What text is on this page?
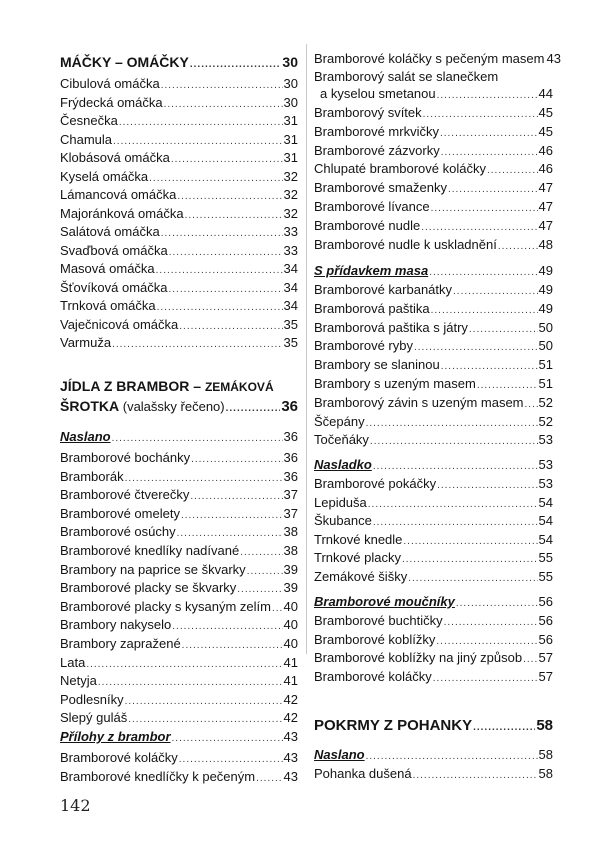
MÁČKY – OMÁČKY .....	30
Cibulová omáčka .....	30
Frýdecká omáčka .....	30
Česnečka .....	31
Chamula .....	31
Klobásová omáčka .....	31
Kyselá omáčka .....	32
Lámancová omáčka .....	32
Majoránková omáčka .....	32
Salátová omáčka .....	33
Svaďbová omáčka .....	33
Masová omáčka .....	34
Šťovíková omáčka .....	34
Trnková omáčka .....	34
Vaječnicová omáčka .....	35
Varmuža .....	35
JÍDLA Z BRAMBOR – ZEMÁKOVÁ
ŠROTKA (valašsky řečeno) .....	36
Naslano .....	36
Bramborové bochánky .....	36
Bramborák .....	36
Bramborové čtverečky .....	37
Bramborové omelety .....	37
Bramborové osúchy .....	38
Bramborové knedlíky nadívané .....	38
Brambory na paprice se škvarky .....	39
Bramborové placky se škvarky .....	39
Bramborové placky s kysaným zelím ..... 40
Brambory nakyselo .....	40
Brambory zapražené .....	40
Lata .....	41
Netyja .....	41
Podlesníky .....	42
Slepý guláš .....	42
Přílohy z brambor .....	43
Bramborové koláčky .....	43
Bramborové knedlíčky k pečeným ..... 43
Bramborové koláčky s pečeným masem 43
Bramborový salát se slanečkem
a kyselou smetanou .....	44
Bramborový svítek .....	45
Bramborové mrkvičky .....	45
Bramborové zázvorky .....	46
Chlupaté bramborové koláčky .....	46
Bramborové smaženky .....	47
Bramborové lívance .....	47
Bramborové nudle .....	47
Bramborové nudle k uskladnění .....	48
S přídavkem masa .....	49
Bramborové karbanátky .....	49
Bramborová paštika .....	49
Bramborová paštika s játry .....	50
Bramborové ryby .....	50
Brambory se slaninou .....	51
Brambory s uzeným masem .....	51
Bramborový závin s uzeným masem ..... 52
Ščepány .....	52
Točeňáky .....	53
Nasladko .....	53
Bramborové pokáčky .....	53
Lepiduša .....	54
Škubance .....	54
Trnkové knedle .....	54
Trnkové placky .....	55
Zemákové šišky .....	55
Bramborové moučníky .....	56
Bramborové buchtičky .....	56
Bramborové koblížky .....	56
Bramborové koblížky na jiný způsob ..... 57
Bramborové koláčky .....	57
POKRMY Z POHANKY .....	58
Naslano .....	58
Pohanka dušená .....	58
142
